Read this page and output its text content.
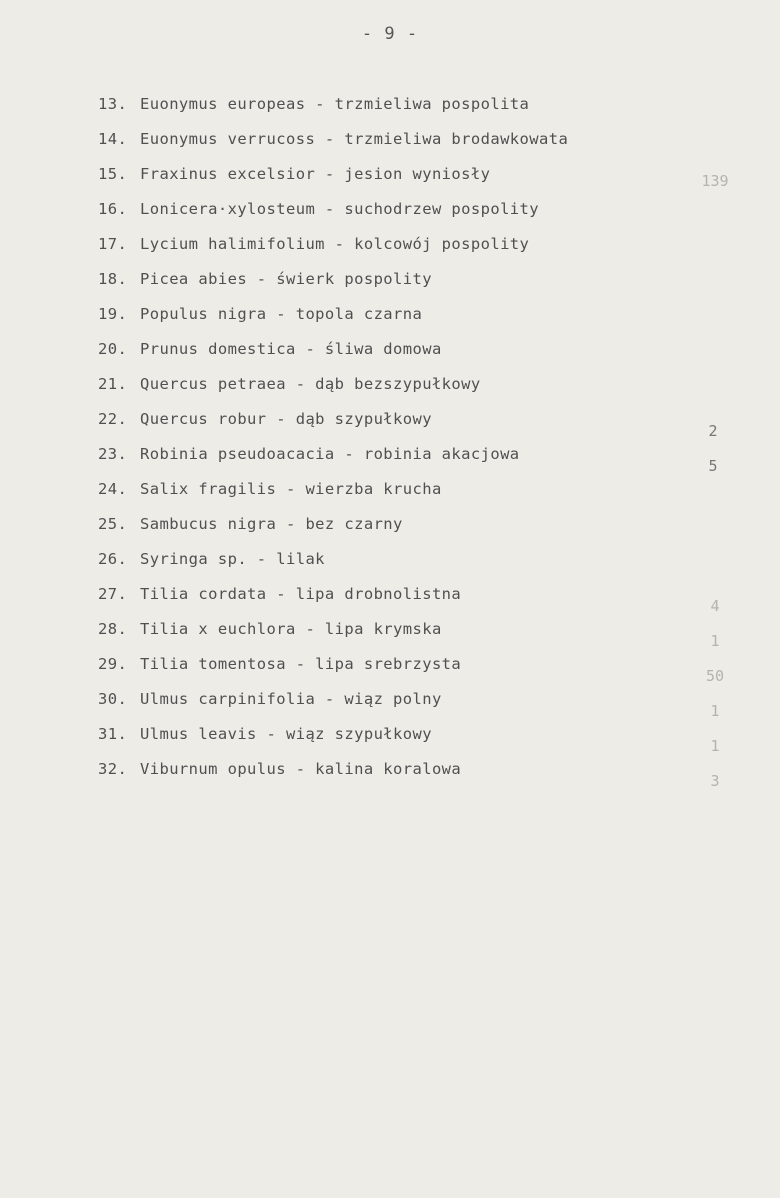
- 9 -
13. Euonymus europeas - trzmieliwa pospolita
14. Euonymus verrucoss - trzmieliwa brodawkowata
15. Fraxinus excelsior - jesion wyniosły
16. Lonicera·xylosteum - suchodrzew pospolity
17. Lycium halimifolium - kolcowój pospolity
18. Picea abies - świerk pospolity
19. Populus nigra - topola czarna
20. Prunus domestica - śliwa domowa
21. Quercus petraea - dąb bezszypułkowy
22. Quercus robur - dąb szypułkowy
23. Robinia pseudoacacia - robinia akacjowa
24. Salix fragilis - wierzba krucha
25. Sambucus nigra - bez czarny
26. Syringa sp. - lilak
27. Tilia cordata - lipa drobnolistna
28. Tilia x euchlora - lipa krymska
29. Tilia tomentosa - lipa srebrzysta
30. Ulmus carpinifolia - wiąz polny
31. Ulmus leavis - wiąz szypułkowy
32. Viburnum opulus - kalina koralowa
139
2
5
4
1
50
1
1
3
